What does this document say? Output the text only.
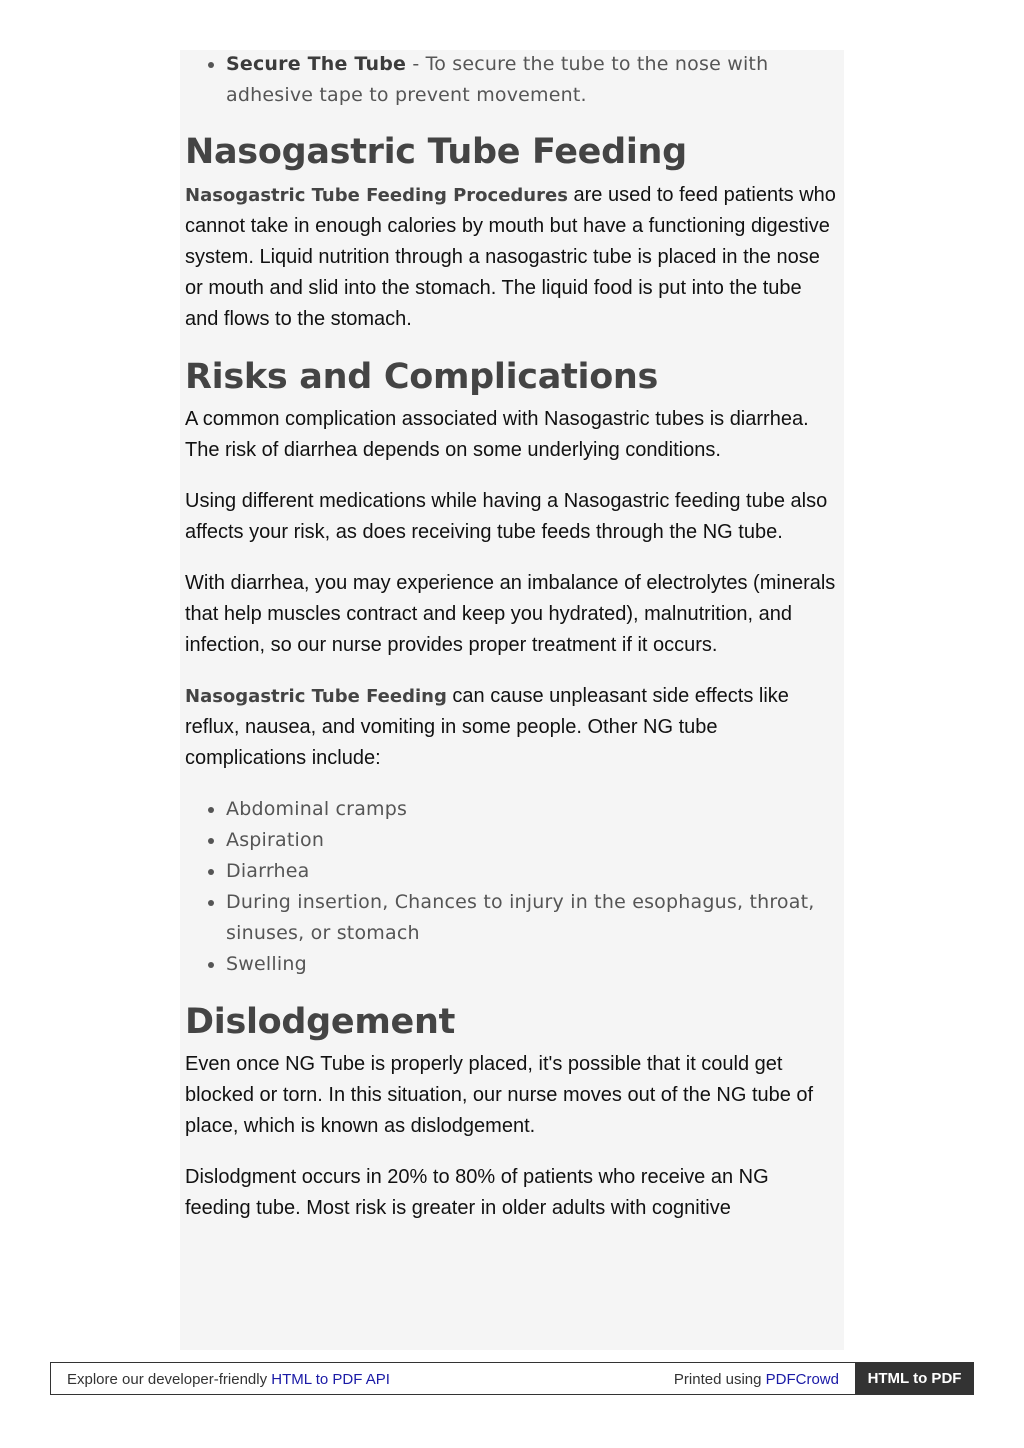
• Secure The Tube - To secure the tube to the nose with adhesive tape to prevent movement.
Nasogastric Tube Feeding

Nasogastric Tube Feeding Procedures are used to feed patients who cannot take in enough calories by mouth but have a functioning digestive system. Liquid nutrition through a nasogastric tube is placed in the nose or mouth and slid into the stomach. The liquid food is put into the tube and flows to the stomach.

Risks and Complications

A common complication associated with Nasogastric tubes is diarrhea. The risk of diarrhea depends on some underlying conditions.

Using different medications while having a Nasogastric feeding tube also affects your risk, as does receiving tube feeds through the NG tube.

With diarrhea, you may experience an imbalance of electrolytes (minerals that help muscles contract and keep you hydrated), malnutrition, and infection, so our nurse provides proper treatment if it occurs.

Nasogastric Tube Feeding can cause unpleasant side effects like reflux, nausea, and vomiting in some people. Other NG tube complications include:

• Abdominal cramps
• Aspiration
• Diarrhea
• During insertion, Chances to injury in the esophagus, throat, sinuses, or stomach
• Swelling
Dislodgement

Even once NG Tube is properly placed, it's possible that it could get blocked or torn. In this situation, our nurse moves out of the NG tube of place, which is known as dislodgement.

Dislodgment occurs in 20% to 80% of patients who receive an NG feeding tube. Most risk is greater in older adults with cognitive

Explore our developer-friendly HTML to PDF API	Printed using PDFCrowd	HTML to PDF
